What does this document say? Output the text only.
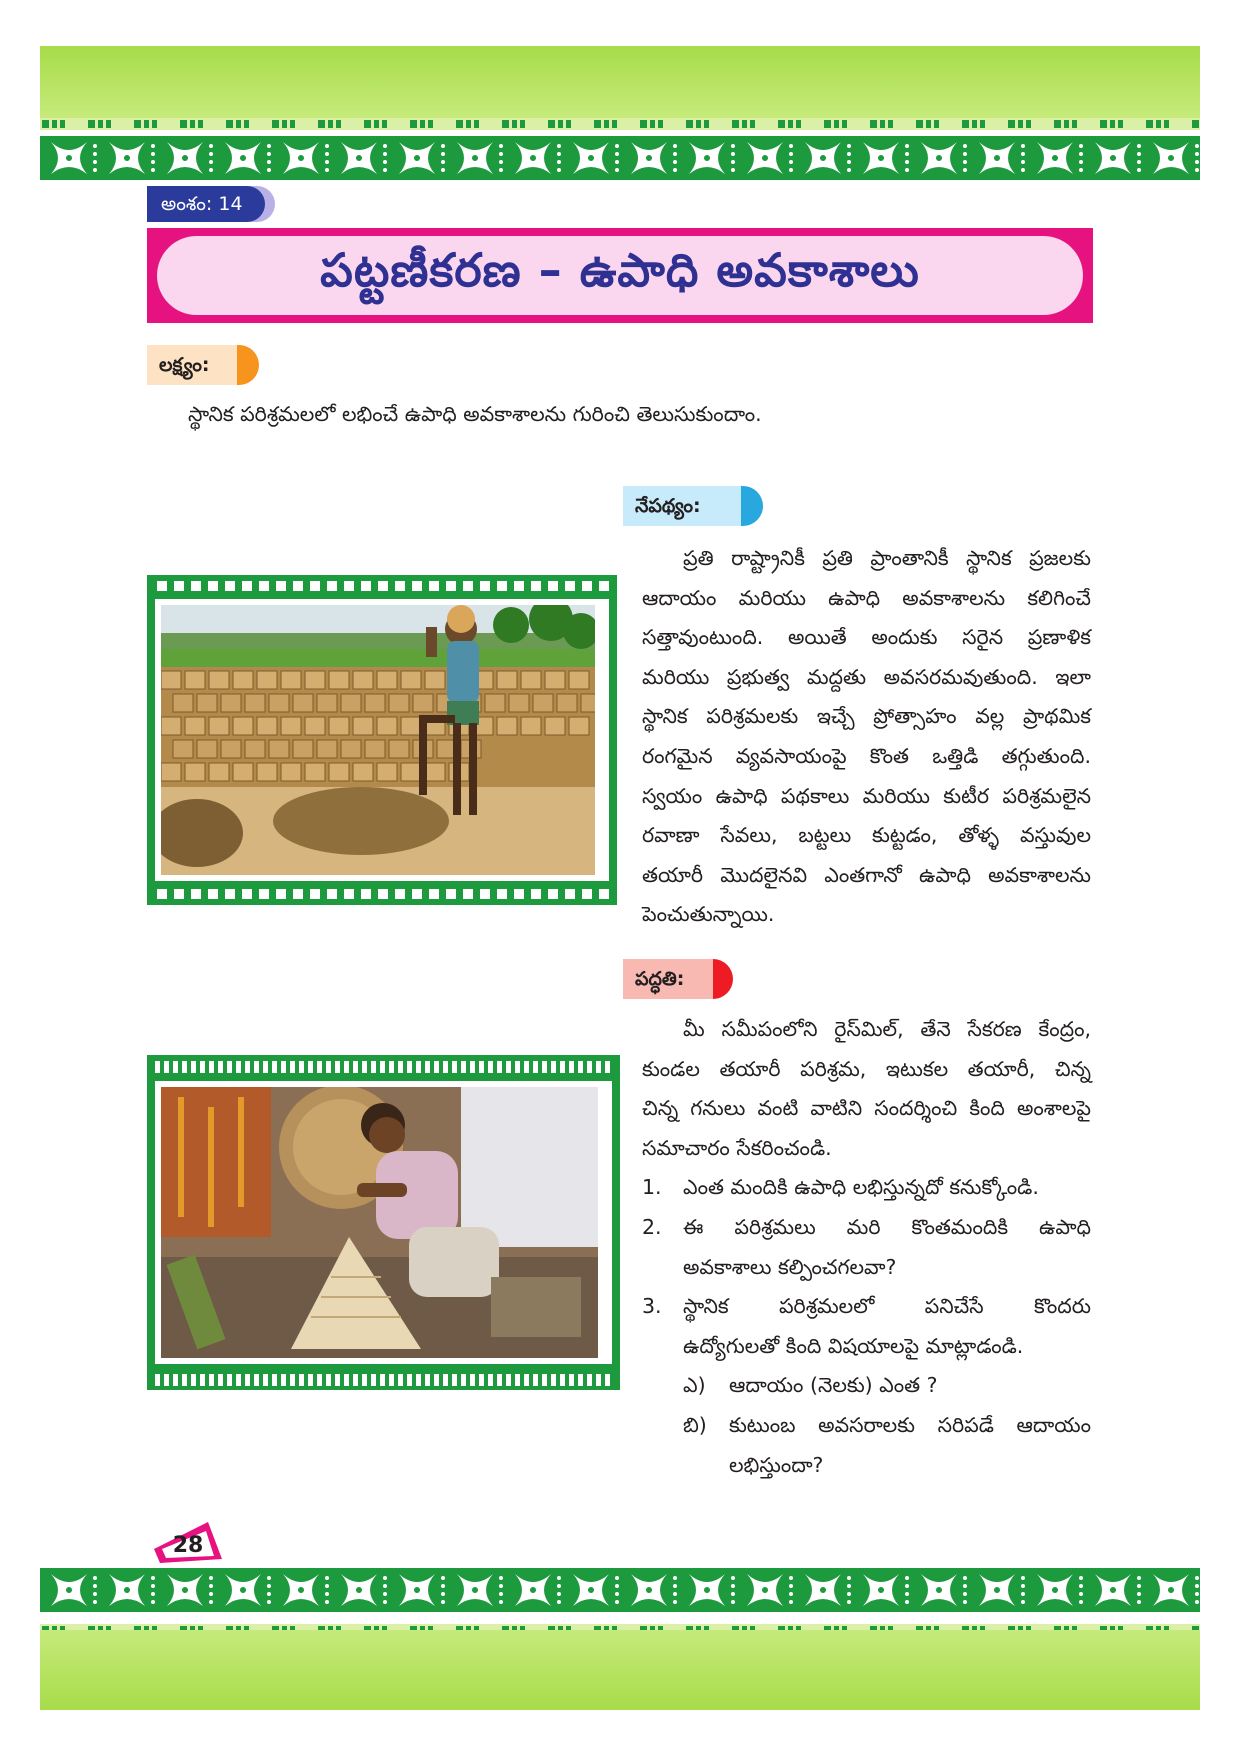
అంశం: 14
పట్టణీకరణ – ఉపాధి అవకాశాలు
లక్ష్యం:
స్థానిక పరిశ్రమలలో లభించే ఉపాధి అవకాశాలను గురించి తెలుసుకుందాం.
నేపథ్యం:
ప్రతి రాష్ట్రానికీ ప్రతి ప్రాంతానికీ స్థానిక ప్రజలకు
ఆదాయం మరియు ఉపాధి అవకాశాలను కలిగించే
సత్తావుంటుంది. అయితే అందుకు సరైన ప్రణాళిక
మరియు ప్రభుత్వ మద్దతు అవసరమవుతుంది. ఇలా
స్థానిక పరిశ్రమలకు ఇచ్చే ప్రోత్సాహం వల్ల ప్రాథమిక
రంగమైన వ్యవసాయంపై కొంత ఒత్తిడి తగ్గుతుంది.
స్వయం ఉపాధి పథకాలు మరియు కుటీర పరిశ్రమలైన
రవాణా సేవలు, బట్టలు కుట్టడం, తోళ్ళ వస్తువుల
తయారీ మొదలైనవి ఎంతగానో ఉపాధి అవకాశాలను
పెంచుతున్నాయి.
పద్ధతి:
మీ సమీపంలోని రైస్‌మిల్, తేనె సేకరణ కేంద్రం,
కుండల తయారీ పరిశ్రమ, ఇటుకల తయారీ, చిన్న
చిన్న గనులు వంటి వాటిని సందర్శించి కింది అంశాలపై
సమాచారం సేకరించండి.
1. ఎంత మందికి ఉపాధి లభిస్తున్నదో కనుక్కోండి.
2. ఈ పరిశ్రమలు మరి కొంతమందికి ఉపాధి
అవకాశాలు కల్పించగలవా?
3. స్థానిక పరిశ్రమలలో పనిచేసే కొందరు
ఉద్యోగులతో కింది విషయాలపై మాట్లాడండి.
ఎ) ఆదాయం (నెలకు) ఎంత ?
బి) కుటుంబ అవసరాలకు సరిపడే ఆదాయం
లభిస్తుందా?
28
